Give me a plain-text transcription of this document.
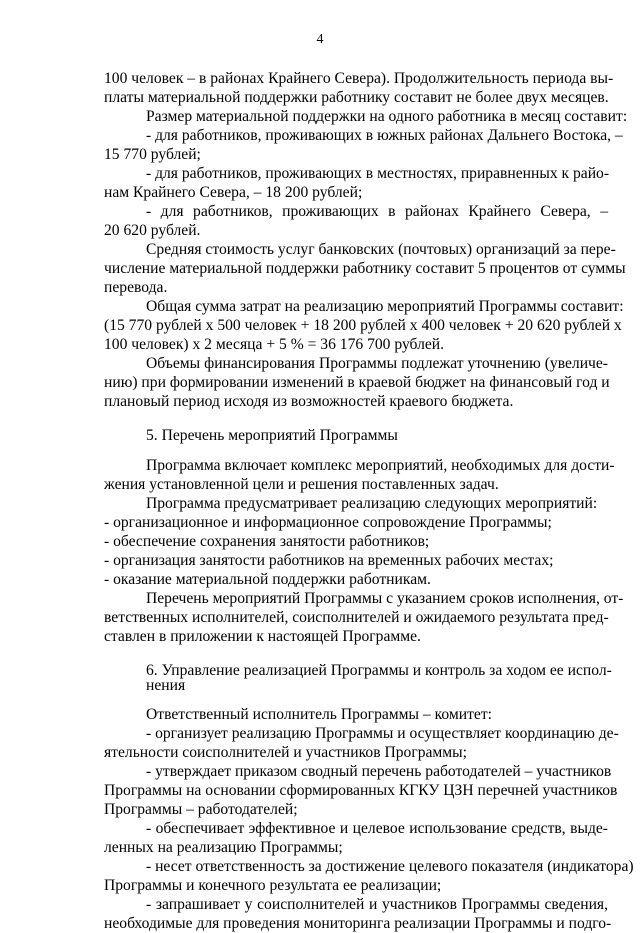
4
100 человек – в районах Крайнего Севера). Продолжительность периода вы-
платы материальной поддержки работнику составит не более двух месяцев.
Размер материальной поддержки на одного работника в месяц составит:
- для работников, проживающих в южных районах Дальнего Востока, –
15 770 рублей;
- для работников, проживающих в местностях, приравненных к райо-
нам Крайнего Севера, – 18 200 рублей;
- для работников, проживающих в районах Крайнего Севера, –
20 620 рублей.
Средняя стоимость услуг банковских (почтовых) организаций за пере-
числение материальной поддержки работнику составит 5 процентов от суммы
перевода.
Общая сумма затрат на реализацию мероприятий Программы составит:
(15 770 рублей х 500 человек + 18 200 рублей х 400 человек + 20 620 рублей х
100 человек) х 2 месяца + 5 % = 36 176 700 рублей.
Объемы финансирования Программы подлежат уточнению (увеличе-
нию) при формировании изменений в краевой бюджет на финансовый год и
плановый период исходя из возможностей краевого бюджета.
5. Перечень мероприятий Программы
Программа включает комплекс мероприятий, необходимых для дости-
жения установленной цели и решения поставленных задач.
Программа предусматривает реализацию следующих мероприятий:
- организационное и информационное сопровождение Программы;
- обеспечение сохранения занятости работников;
- организация занятости работников на временных рабочих местах;
- оказание материальной поддержки работникам.
Перечень мероприятий Программы с указанием сроков исполнения, от-
ветственных исполнителей, соисполнителей и ожидаемого результата пред-
ставлен в приложении к настоящей Программе.
6. Управление реализацией Программы и контроль за ходом ее испол-
нения
Ответственный исполнитель Программы – комитет:
- организует реализацию Программы и осуществляет координацию де-
ятельности соисполнителей и участников Программы;
- утверждает приказом сводный перечень работодателей – участников
Программы на основании сформированных КГКУ ЦЗН перечней участников
Программы – работодателей;
- обеспечивает эффективное и целевое использование средств, выде-
ленных на реализацию Программы;
- несет ответственность за достижение целевого показателя (индикатора)
Программы и конечного результата ее реализации;
- запрашивает у соисполнителей и участников Программы сведения,
необходимые для проведения мониторинга реализации Программы и подго-
